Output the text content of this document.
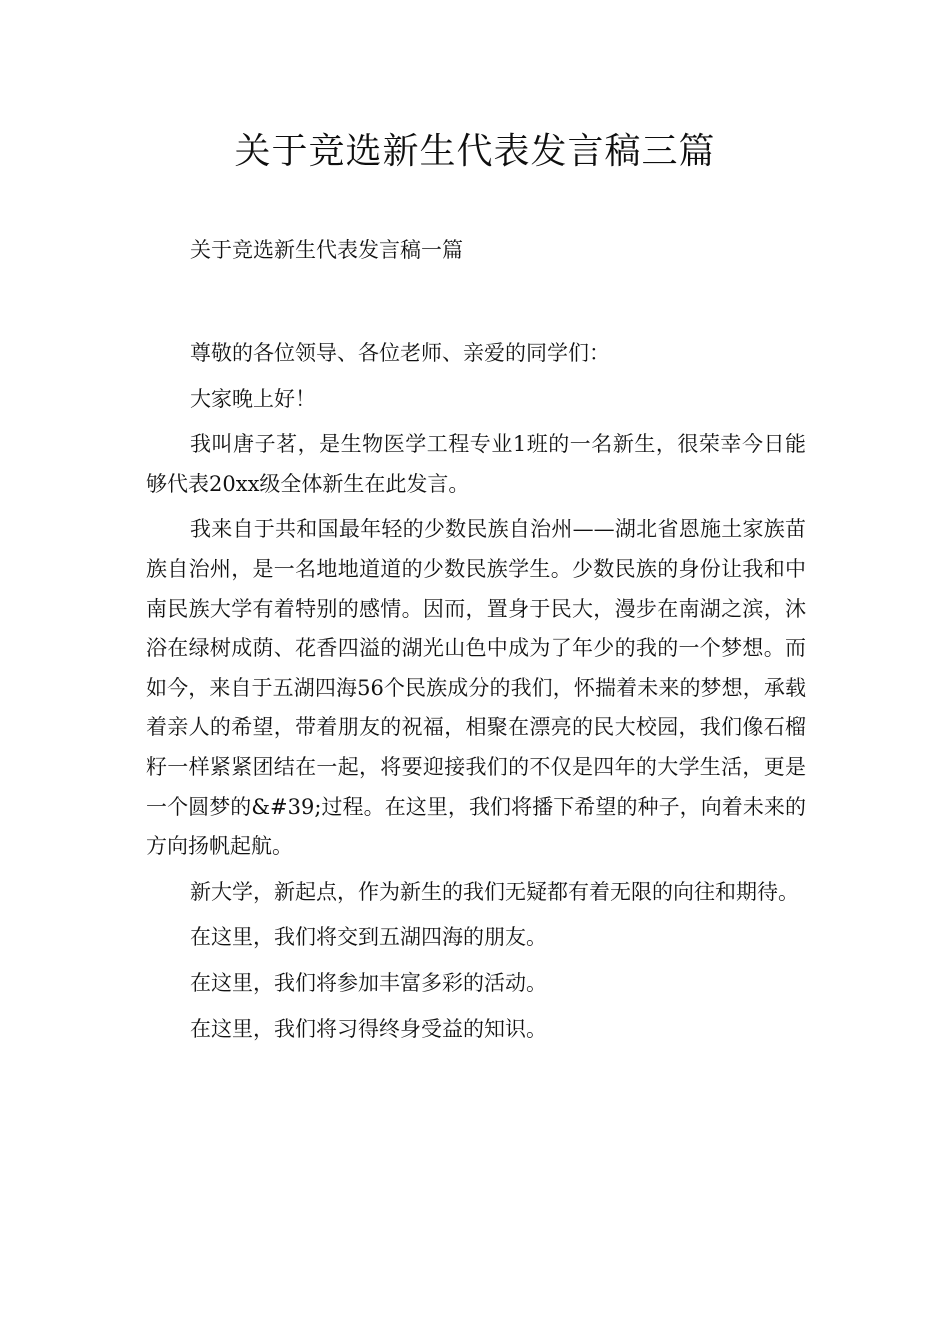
关于竞选新生代表发言稿三篇
关于竞选新生代表发言稿一篇

尊敬的各位领导、各位老师、亲爱的同学们：

大家晚上好！

我叫唐子茗，是生物医学工程专业1班的一名新生，很荣幸今日能够代表20xx级全体新生在此发言。

我来自于共和国最年轻的少数民族自治州——湖北省恩施土家族苗族自治州，是一名地地道道的少数民族学生。少数民族的身份让我和中南民族大学有着特别的感情。因而，置身于民大，漫步在南湖之滨，沐浴在绿树成荫、花香四溢的湖光山色中成为了年少的我的一个梦想。而如今，来自于五湖四海56个民族成分的我们，怀揣着未来的梦想，承载着亲人的希望，带着朋友的祝福，相聚在漂亮的民大校园，我们像石榴籽一样紧紧团结在一起，将要迎接我们的不仅是四年的大学生活，更是一个圆梦的&#39;过程。在这里，我们将播下希望的种子，向着未来的方向扬帆起航。

新大学，新起点，作为新生的我们无疑都有着无限的向往和期待。

在这里，我们将交到五湖四海的朋友。

在这里，我们将参加丰富多彩的活动。

在这里，我们将习得终身受益的知识。
